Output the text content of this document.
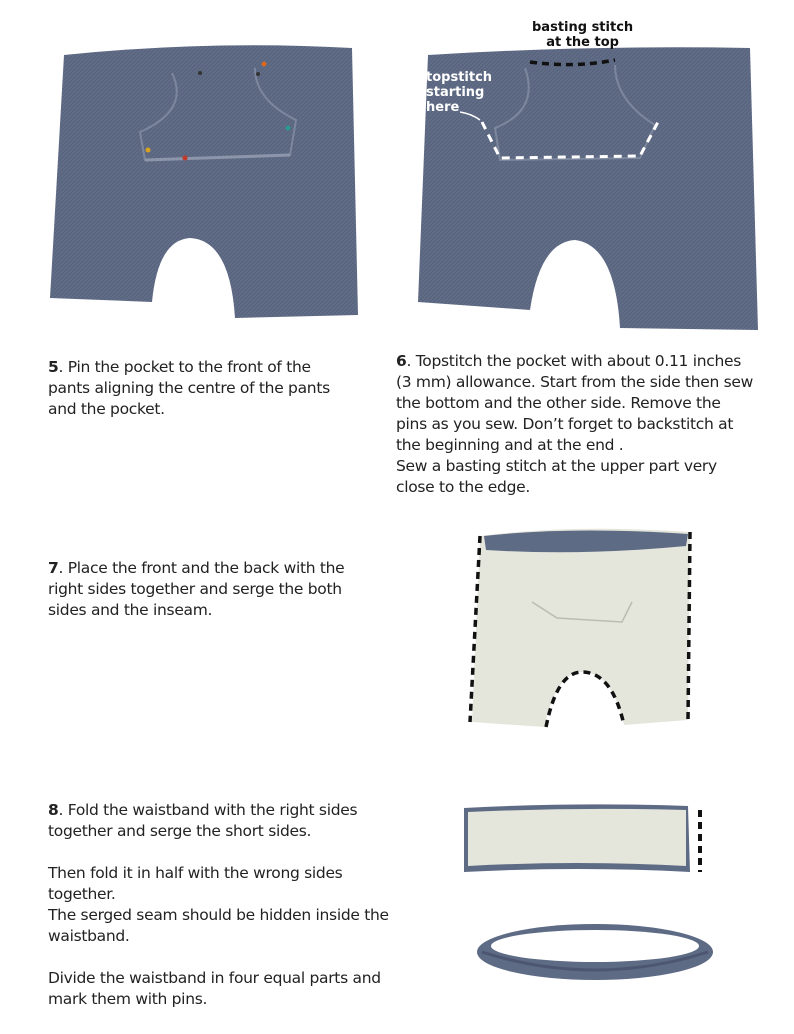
basting stitch
at the top
topstitch
starting
here
5. Pin the pocket to the front of the
pants aligning the centre of the pants
and the pocket.
6. Topstitch the pocket with about 0.11 inches
(3 mm) allowance. Start from the side then sew
the bottom and the other side. Remove the
pins as you sew. Don’t forget to backstitch at
the beginning and at the end .
Sew a basting stitch at the upper part very
close to the edge.
7. Place the front and the back with the
right sides together and serge the both
sides and the inseam.
8. Fold the waistband with the right sides
together and serge the short sides.
Then fold it in half with the wrong sides together.
The serged seam should be hidden inside the
waistband.
Divide the waistband in four equal parts and
mark them with pins.
